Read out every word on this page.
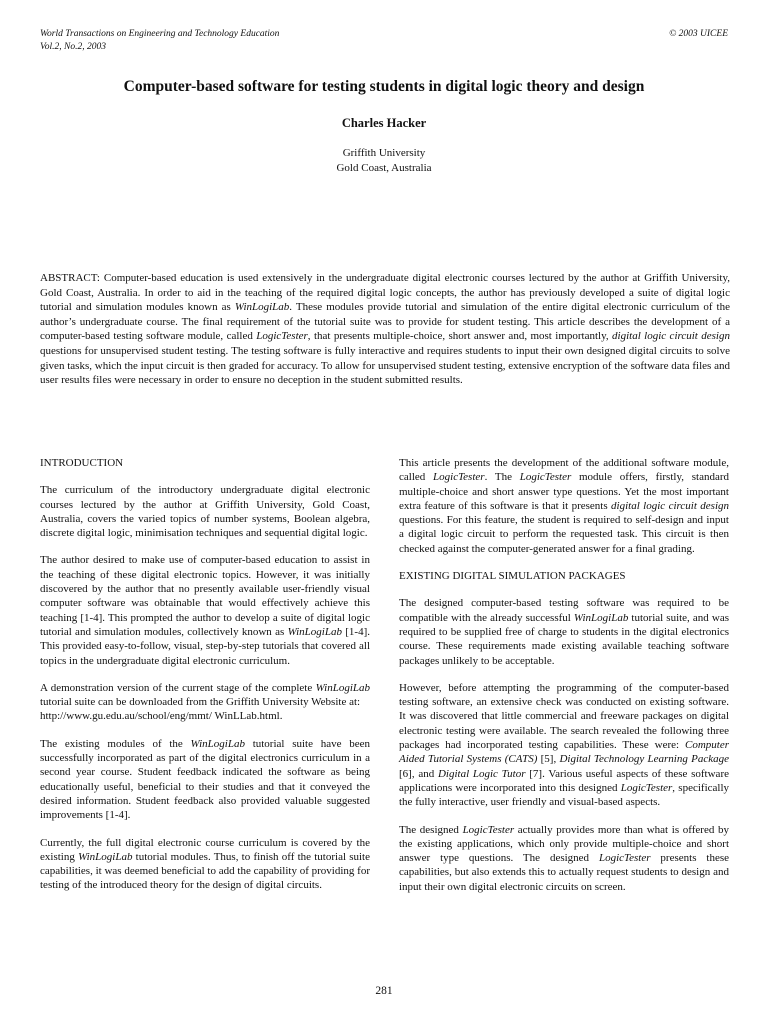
World Transactions on Engineering and Technology Education
Vol.2, No.2, 2003
© 2003 UICEE
Computer-based software for testing students in digital logic theory and design
Charles Hacker
Griffith University
Gold Coast, Australia

ABSTRACT: Computer-based education is used extensively in the undergraduate digital electronic courses lectured by the author at Griffith University, Gold Coast, Australia. In order to aid in the teaching of the required digital logic concepts, the author has previously developed a suite of digital logic tutorial and simulation modules known as WinLogiLab. These modules provide tutorial and simulation of the entire digital electronic curriculum of the author’s undergraduate course. The final requirement of the tutorial suite was to provide for student testing. This article describes the development of a computer-based testing software module, called LogicTester, that presents multiple-choice, short answer and, most importantly, digital logic circuit design questions for unsupervised student testing. The testing software is fully interactive and requires students to input their own designed digital circuits to solve given tasks, which the input circuit is then graded for accuracy. To allow for unsupervised student testing, extensive encryption of the software data files and user results files were necessary in order to ensure no deception in the student submitted results.

INTRODUCTION

The curriculum of the introductory undergraduate digital electronic courses lectured by the author at Griffith University, Gold Coast, Australia, covers the varied topics of number systems, Boolean algebra, discrete digital logic, minimisation techniques and sequential digital logic.

The author desired to make use of computer-based education to assist in the teaching of these digital electronic topics. However, it was initially discovered by the author that no presently available user-friendly visual computer software was obtainable that would effectively achieve this teaching [1-4]. This prompted the author to develop a suite of digital logic tutorial and simulation modules, collectively known as WinLogiLab [1-4]. This provided easy-to-follow, visual, step-by-step tutorials that covered all topics in the undergraduate digital electronic curriculum.

A demonstration version of the current stage of the complete WinLogiLab tutorial suite can be downloaded from the Griffith University Website at:
http://www.gu.edu.au/school/eng/mmt/ WinLLab.html.

The existing modules of the WinLogiLab tutorial suite have been successfully incorporated as part of the digital electronics curriculum in a second year course. Student feedback indicated the software as being educationally useful, beneficial to their studies and that it conveyed the desired information. Student feedback also provided valuable suggested improvements [1-4].

Currently, the full digital electronic course curriculum is covered by the existing WinLogiLab tutorial modules. Thus, to finish off the tutorial suite capabilities, it was deemed beneficial to add the capability of providing for testing of the introduced theory for the design of digital circuits.

This article presents the development of the additional software module, called LogicTester. The LogicTester module offers, firstly, standard multiple-choice and short answer type questions. Yet the most important extra feature of this software is that it presents digital logic circuit design questions. For this feature, the student is required to self-design and input a digital logic circuit to perform the requested task. This circuit is then checked against the computer-generated answer for a final grading.

EXISTING DIGITAL SIMULATION PACKAGES

The designed computer-based testing software was required to be compatible with the already successful WinLogiLab tutorial suite, and was required to be supplied free of charge to students in the digital electronics course. These requirements made existing available teaching software packages unlikely to be acceptable.

However, before attempting the programming of the computer-based testing software, an extensive check was conducted on existing software. It was discovered that little commercial and freeware packages on digital electronic testing were available. The search revealed the following three packages had incorporated testing capabilities. These were: Computer Aided Tutorial Systems (CATS) [5], Digital Technology Learning Package [6], and Digital Logic Tutor [7]. Various useful aspects of these software applications were incorporated into this designed LogicTester, specifically the fully interactive, user friendly and visual-based aspects.

The designed LogicTester actually provides more than what is offered by the existing applications, which only provide multiple-choice and short answer type questions. The designed LogicTester presents these capabilities, but also extends this to actually request students to design and input their own digital electronic circuits on screen.

281
